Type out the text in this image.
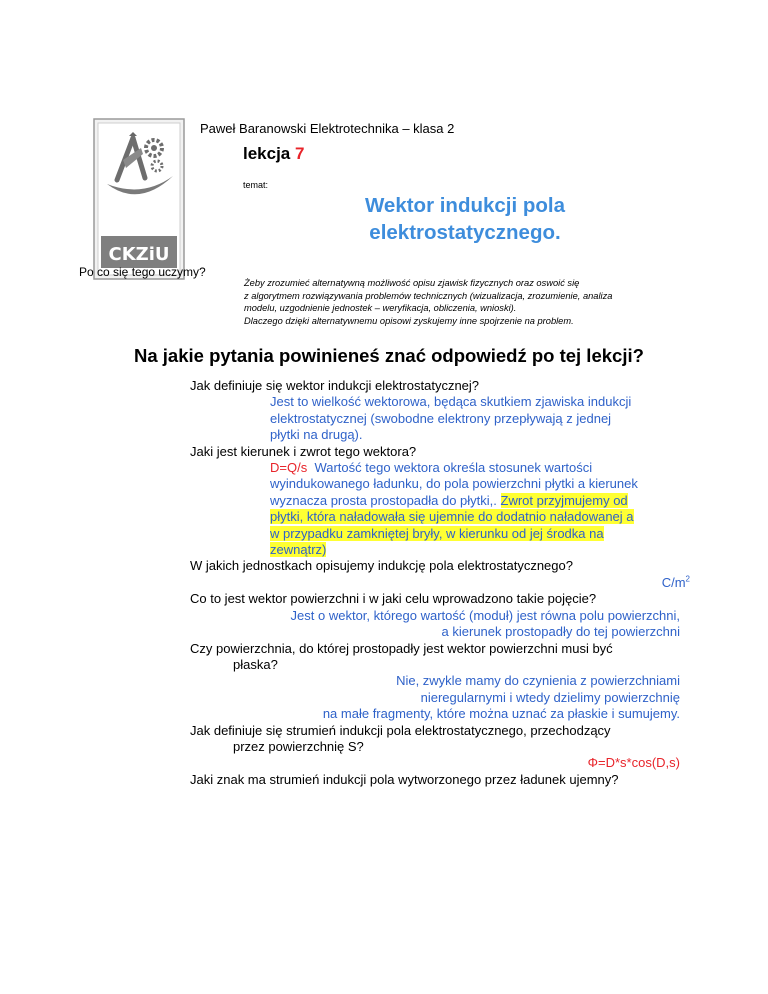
CKZiU
Paweł Baranowski Elektrotechnika – klasa 2
lekcja 7
temat:
Wektor indukcji pola
elektrostatycznego.
Po co się tego uczymy?
Żeby zrozumieć alternatywną możliwość opisu zjawisk fizycznych oraz oswoić się
z algorytmem rozwiązywania problemów technicznych (wizualizacja, zrozumienie, analiza
modelu, uzgodnienie jednostek – weryfikacja, obliczenia, wnioski).
Dlaczego dzięki alternatywnemu opisowi zyskujemy inne spojrzenie na problem.
Na jakie pytania powinieneś znać odpowiedź po tej lekcji?
Jak definiuje się wektor indukcji elektrostatycznej?
Jest to wielkość wektorowa, będąca skutkiem zjawiska indukcji
elektrostatycznej (swobodne elektrony przepływają z jednej
płytki na drugą).
Jaki jest kierunek i zwrot tego wektora?
D=Q/s  Wartość tego wektora określa stosunek wartości
wyindukowanego ładunku, do pola powierzchni płytki a kierunek
wyznacza prosta prostopadła do płytki,. Zwrot przyjmujemy od
płytki, która naładowała się ujemnie do dodatnio naładowanej a
w przypadku zamkniętej bryły, w kierunku od jej środka na
zewnątrz)
W jakich jednostkach opisujemy indukcję pola elektrostatycznego?
$C/m^2$
Co to jest wektor powierzchni i w jaki celu wprowadzono takie pojęcie?
Jest o wektor, którego wartość (moduł) jest równa polu powierzchni,
a kierunek prostopadły do tej powierzchni
Czy powierzchnia, do której prostopadły jest wektor powierzchni musi być
płaska?
Nie, zwykle mamy do czynienia z powierzchniami
nieregularnymi i wtedy dzielimy powierzchnię
na małe fragmenty, które można uznać za płaskie i sumujemy.
Jak definiuje się strumień indukcji pola elektrostatycznego, przechodzący
przez powierzchnię S?
Φ=D*s*cos(D,s)
Jaki znak ma strumień indukcji pola wytworzonego przez ładunek ujemny?
